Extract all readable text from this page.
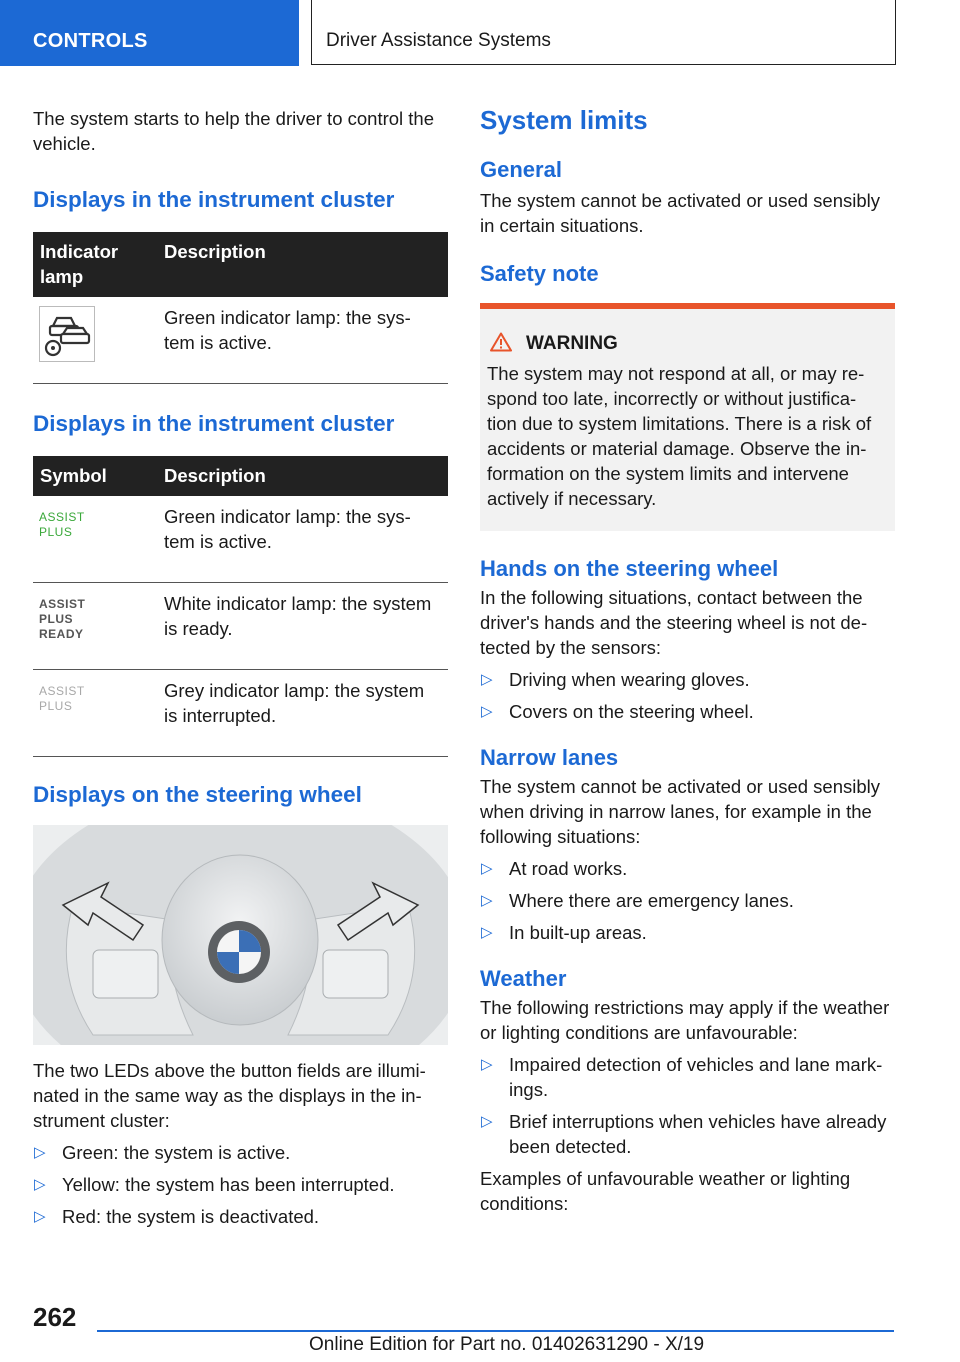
CONTROLS	Driver Assistance Systems

The system starts to help the driver to control the vehicle.

Displays in the instrument cluster
Indicator lamp	Description
	Green indicator lamp: the sys-tem is active.
Displays in the instrument cluster
Symbol	Description

ASSIST
PLUS	Green indicator lamp: the sys-tem is active.

ASSIST
PLUS
READY	White indicator lamp: the system is ready.

ASSIST
PLUS	Grey indicator lamp: the system is interrupted.
Displays on the steering wheel

The two LEDs above the button fields are illumi-nated in the same way as the displays in the in-strument cluster:

▷ Green: the system is active.
▷ Yellow: the system has been interrupted.
▷ Red: the system is deactivated.
System limits
General

The system cannot be activated or used sensibly in certain situations.

Safety note
WARNING

The system may not respond at all, or may re-spond too late, incorrectly or without justifica-tion due to system limitations. There is a risk of accidents or material damage. Observe the in-formation on the system limits and intervene actively if necessary.

Hands on the steering wheel

In the following situations, contact between the driver's hands and the steering wheel is not de-tected by the sensors:

▷ Driving when wearing gloves.
▷ Covers on the steering wheel.
Narrow lanes

The system cannot be activated or used sensibly when driving in narrow lanes, for example in the following situations:

▷ At road works.
▷ Where there are emergency lanes.
▷ In built-up areas.
Weather

The following restrictions may apply if the weather or lighting conditions are unfavourable:

▷ Impaired detection of vehicles and lane mark-ings.
▷ Brief interruptions when vehicles have already been detected.

Examples of unfavourable weather or lighting conditions:

262
Online Edition for Part no. 01402631290 - X/19
